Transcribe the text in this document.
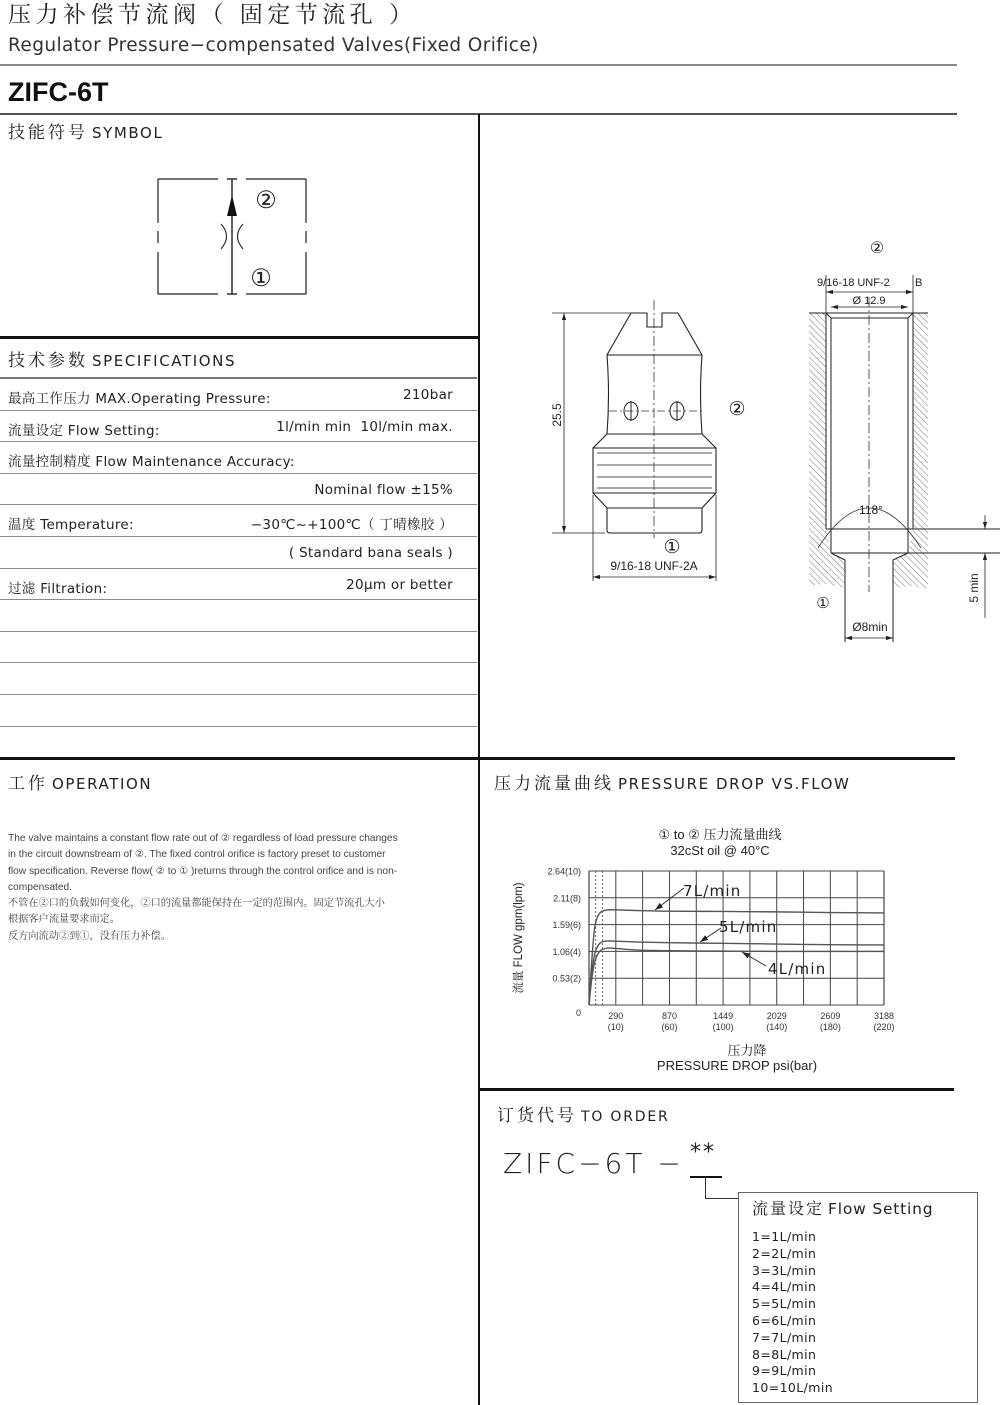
压力补偿节流阀（ 固定节流孔 ）
Regulator Pressure−compensated Valves(Fixed Orifice)
ZIFC-6T
技能符号 SYMBOL
②
①
技术参数 SPECIFICATIONS
最高工作压力 MAX.Operating Pressure:	210bar
流量设定 Flow Setting:	1l/min min  10l/min max.
流量控制精度 Flow Maintenance Accuracy:
Nominal flow ±15%
温度 Temperature:	−30℃~+100℃（ 丁晴橡胶 ）
( Standard bana seals )
过滤 Filtration:	20μm or better
25.5
9/16-18 UNF-2A
②
①
②
9/16-18 UNF-2 B
Ø 12.9
118°
①
Ø8min
5 min
工作 OPERATION
The valve maintains a constant flow rate out of ② regardless of load pressure changes
in the circuit downstream of ②. The fixed control orifice is factory preset to customer
flow specification. Reverse flow( ② to ① )returns through the control orifice and is non-
compensated.
不管在②口的负载如何变化，②口的流量都能保持在一定的范围内。固定节流孔大小
根据客户流量要求而定。
反方向流动②到①，没有压力补偿。
压力流量曲线 PRESSURE DROP VS.FLOW
① to ② 压力流量曲线
32cSt oil @ 40°C
0
0.53(2)
1.06(4)
1.59(6)
2.11(8)
2.64(10)
290
(10)
870
(60)
1449
(100)
2029
(140)
2609
(180)
3188
(220)
流量 FLOW gpm(lpm)	7L/min
5L/min
4L/min
压力降
PRESSURE DROP psi(bar)
订货代号 TO ORDER
ZIFC−6T − **
流量设定 Flow Setting
1=1L/min
2=2L/min
3=3L/min
4=4L/min
5=5L/min
6=6L/min
7=7L/min
8=8L/min
9=9L/min
10=10L/min
